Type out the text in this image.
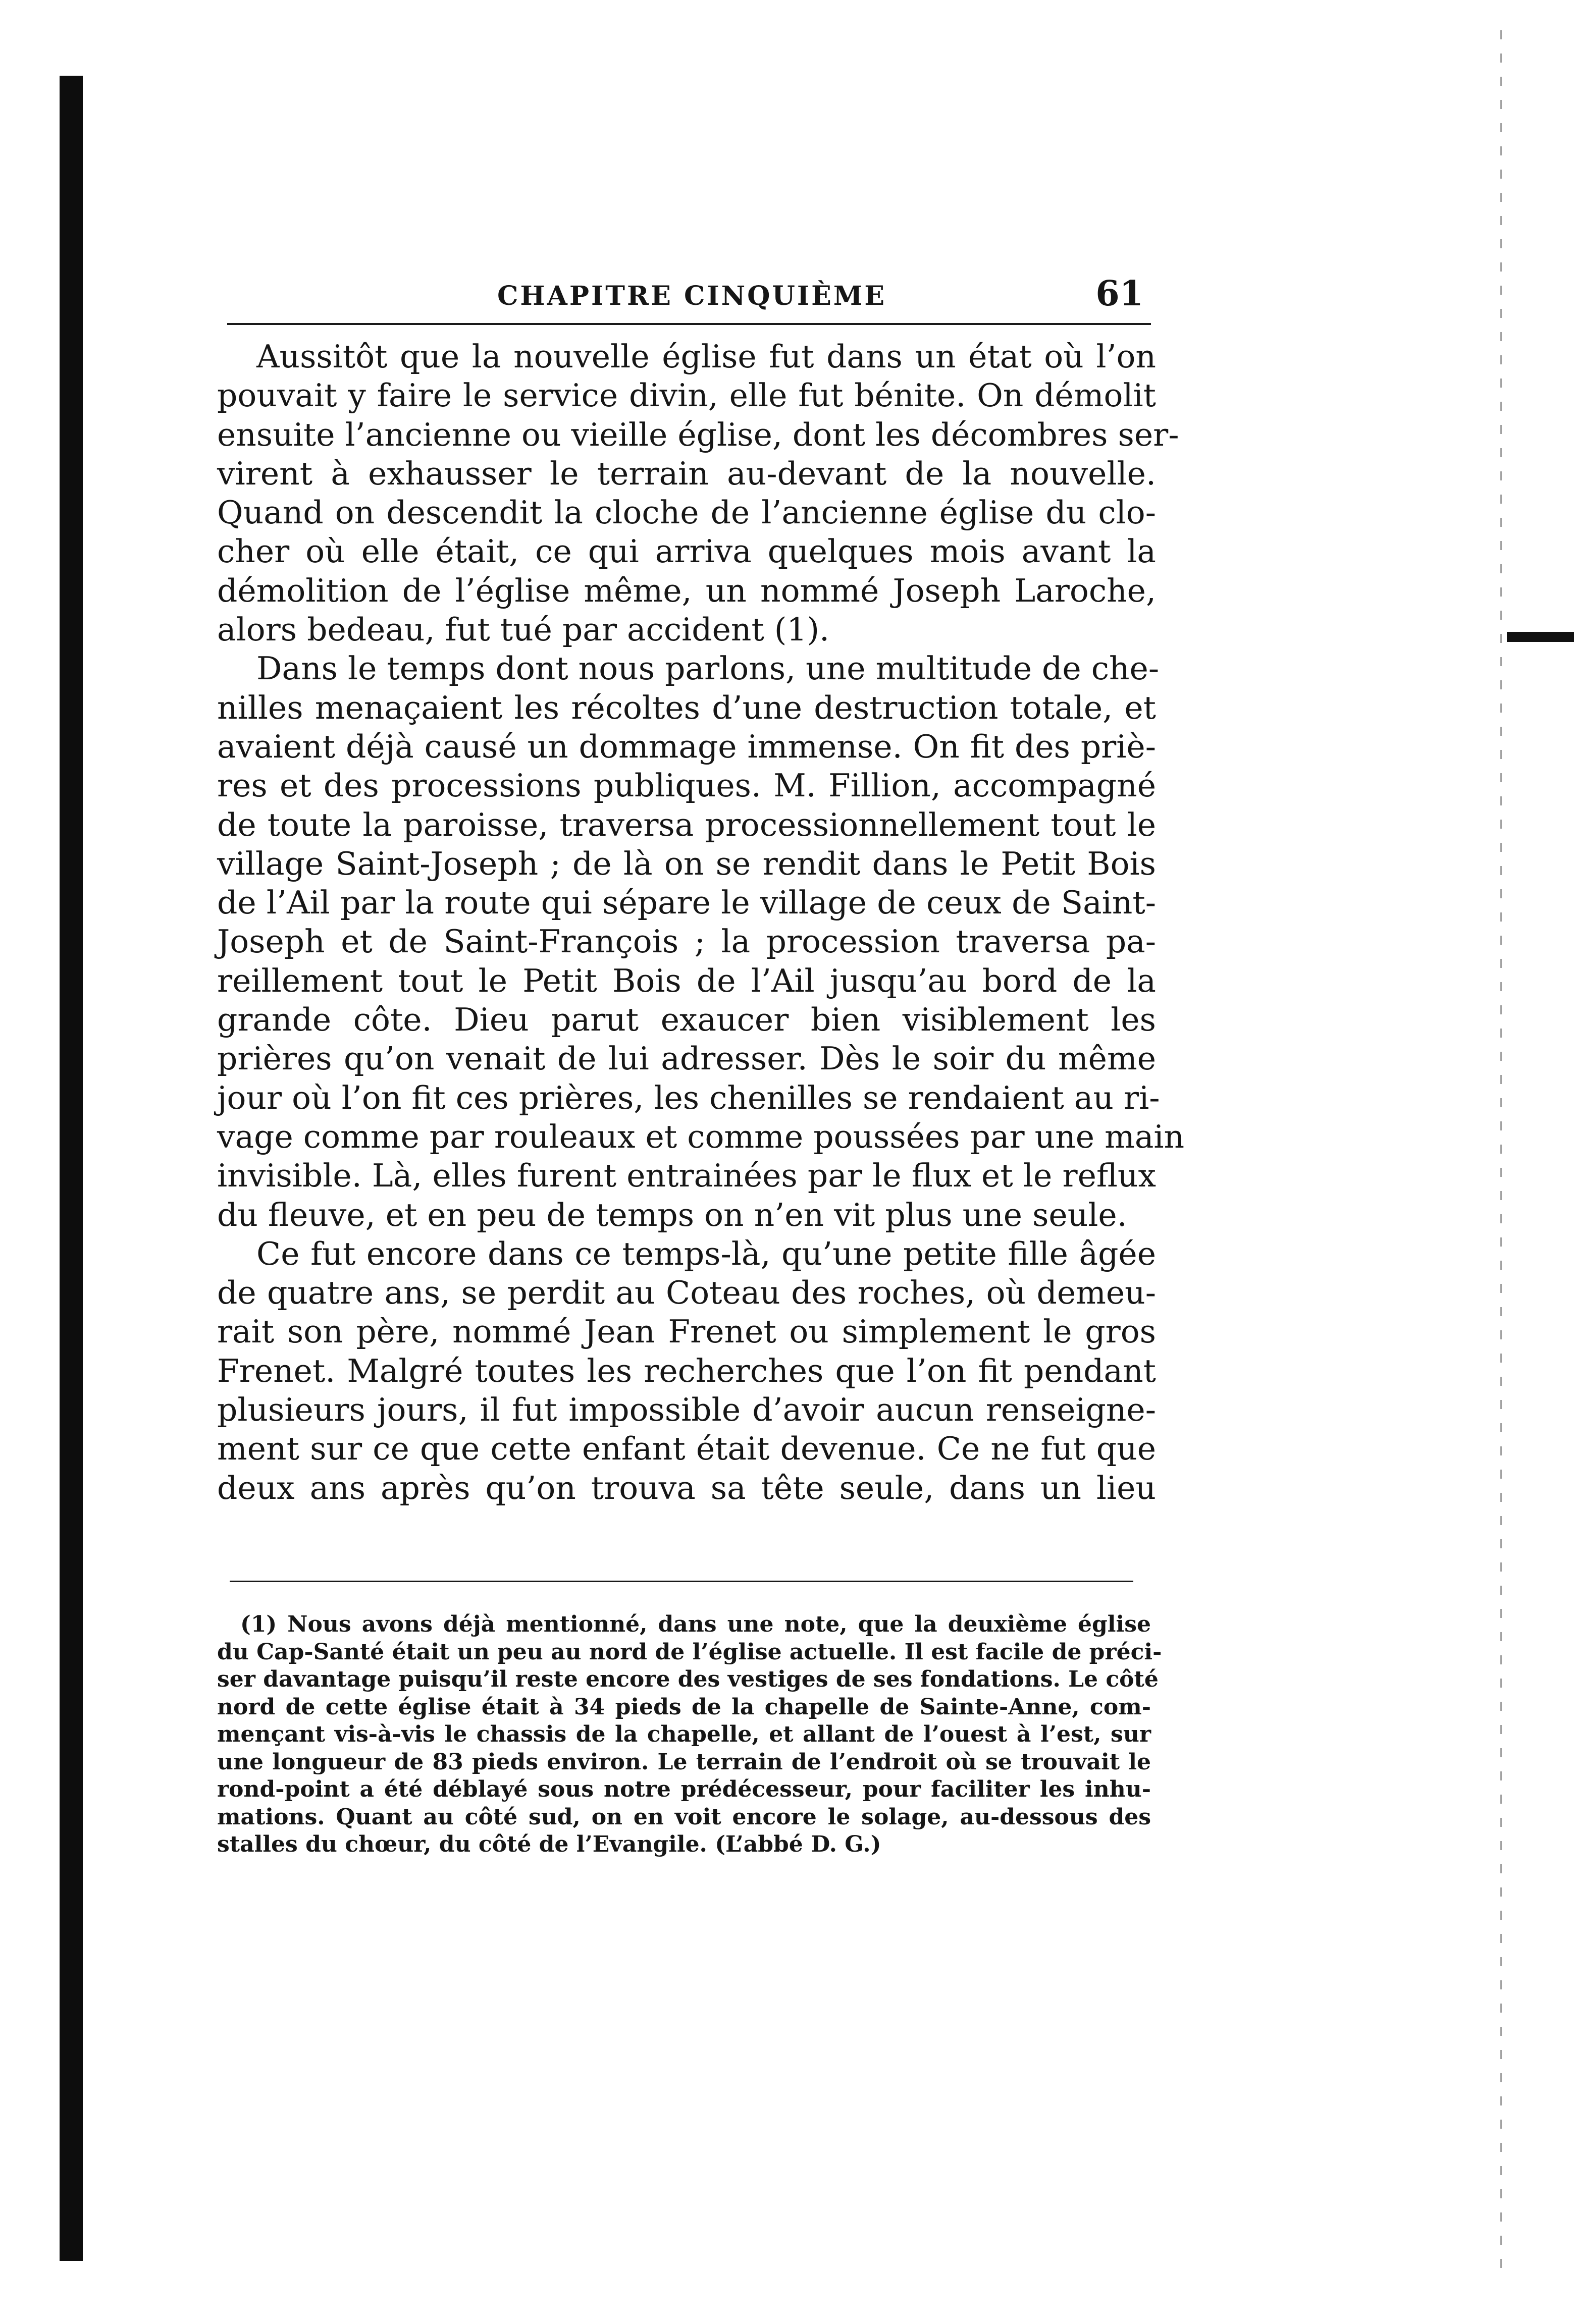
CHAPITRE CINQUIÈME	61
Aussitôt que la nouvelle église fut dans un état où l’on
pouvait y faire le service divin, elle fut bénite. On démolit
ensuite l’ancienne ou vieille église, dont les décombres ser-
virent à exhausser le terrain au-devant de la nouvelle.
Quand on descendit la cloche de l’ancienne église du clo-
cher où elle était, ce qui arriva quelques mois avant la
démolition de l’église même, un nommé Joseph Laroche,
alors bedeau, fut tué par accident (1).
Dans le temps dont nous parlons, une multitude de che-
nilles menaçaient les récoltes d’une destruction totale, et
avaient déjà causé un dommage immense. On fit des priè-
res et des processions publiques. M. Fillion, accompagné
de toute la paroisse, traversa processionnellement tout le
village Saint-Joseph ; de là on se rendit dans le Petit Bois
de l’Ail par la route qui sépare le village de ceux de Saint-
Joseph et de Saint-François ; la procession traversa pa-
reillement tout le Petit Bois de l’Ail jusqu’au bord de la
grande côte. Dieu parut exaucer bien visiblement les
prières qu’on venait de lui adresser. Dès le soir du même
jour où l’on fit ces prières, les chenilles se rendaient au ri-
vage comme par rouleaux et comme poussées par une main
invisible. Là, elles furent entrainées par le flux et le reflux
du fleuve, et en peu de temps on n’en vit plus une seule.
Ce fut encore dans ce temps-là, qu’une petite fille âgée
de quatre ans, se perdit au Coteau des roches, où demeu-
rait son père, nommé Jean Frenet ou simplement le gros
Frenet. Malgré toutes les recherches que l’on fit pendant
plusieurs jours, il fut impossible d’avoir aucun renseigne-
ment sur ce que cette enfant était devenue. Ce ne fut que
deux ans après qu’on trouva sa tête seule, dans un lieu
(1) Nous avons déjà mentionné, dans une note, que la deuxième église
du Cap-Santé était un peu au nord de l’église actuelle. Il est facile de préci-
ser davantage puisqu’il reste encore des vestiges de ses fondations. Le côté
nord de cette église était à 34 pieds de la chapelle de Sainte-Anne, com-
mençant vis-à-vis le chassis de la chapelle, et allant de l’ouest à l’est, sur
une longueur de 83 pieds environ. Le terrain de l’endroit où se trouvait le
rond-point a été déblayé sous notre prédécesseur, pour faciliter les inhu-
mations. Quant au côté sud, on en voit encore le solage, au-dessous des
stalles du chœur, du côté de l’Evangile. (L’abbé D. G.)
